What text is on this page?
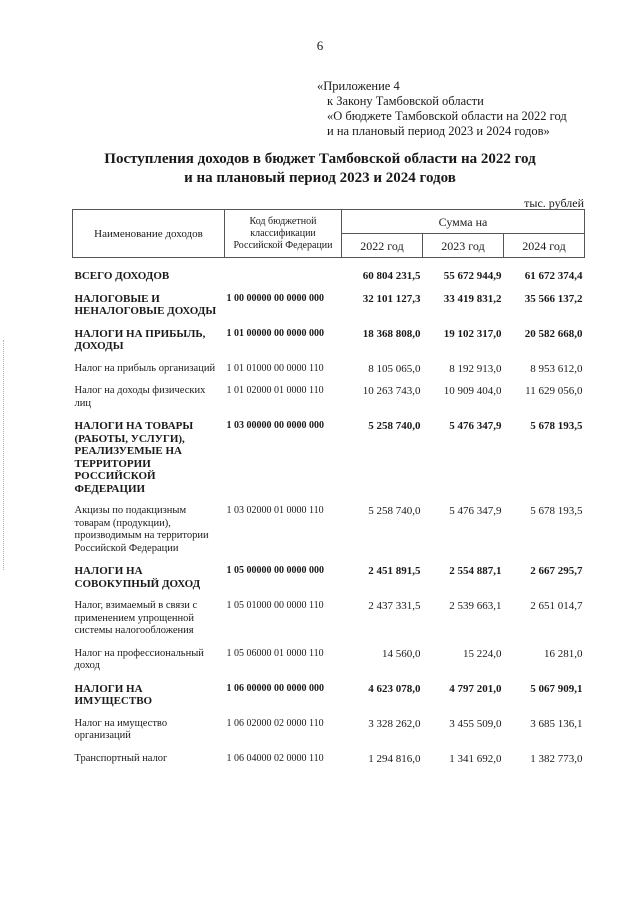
6
«Приложение 4
к Закону Тамбовской области
«О бюджете Тамбовской области на 2022 год
и на плановый период 2023 и 2024 годов»
Поступления доходов в бюджет Тамбовской области на 2022 год
и на плановый период 2023 и 2024 годов
тыс. рублей
Наименование доходов	Код бюджетной классификации Российской Федерации	Сумма на		
		2022 год	2023 год	2024 год
ВСЕГО ДОХОДОВ		60 804 231,5	55 672 944,9	61 672 374,4
НАЛОГОВЫЕ И НЕНАЛОГОВЫЕ ДОХОДЫ	1 00 00000 00 0000 000	32 101 127,3	33 419 831,2	35 566 137,2
НАЛОГИ НА ПРИБЫЛЬ, ДОХОДЫ	1 01 00000 00 0000 000	18 368 808,0	19 102 317,0	20 582 668,0
Налог на прибыль организаций	1 01 01000 00 0000 110	8 105 065,0	8 192 913,0	8 953 612,0
Налог на доходы физических лиц	1 01 02000 01 0000 110	10 263 743,0	10 909 404,0	11 629 056,0
НАЛОГИ НА ТОВАРЫ (РАБОТЫ, УСЛУГИ), РЕАЛИЗУЕМЫЕ НА ТЕРРИТОРИИ РОССИЙСКОЙ ФЕДЕРАЦИИ	1 03 00000 00 0000 000	5 258 740,0	5 476 347,9	5 678 193,5
Акцизы по подакцизным товарам (продукции), производимым на территории Российской Федерации	1 03 02000 01 0000 110	5 258 740,0	5 476 347,9	5 678 193,5
НАЛОГИ НА СОВОКУПНЫЙ ДОХОД	1 05 00000 00 0000 000	2 451 891,5	2 554 887,1	2 667 295,7
Налог, взимаемый в связи с применением упрощенной системы налогообложения	1 05 01000 00 0000 110	2 437 331,5	2 539 663,1	2 651 014,7
Налог на профессиональный доход	1 05 06000 01 0000 110	14 560,0	15 224,0	16 281,0
НАЛОГИ НА ИМУЩЕСТВО	1 06 00000 00 0000 000	4 623 078,0	4 797 201,0	5 067 909,1
Налог на имущество организаций	1 06 02000 02 0000 110	3 328 262,0	3 455 509,0	3 685 136,1
Транспортный налог	1 06 04000 02 0000 110	1 294 816,0	1 341 692,0	1 382 773,0
